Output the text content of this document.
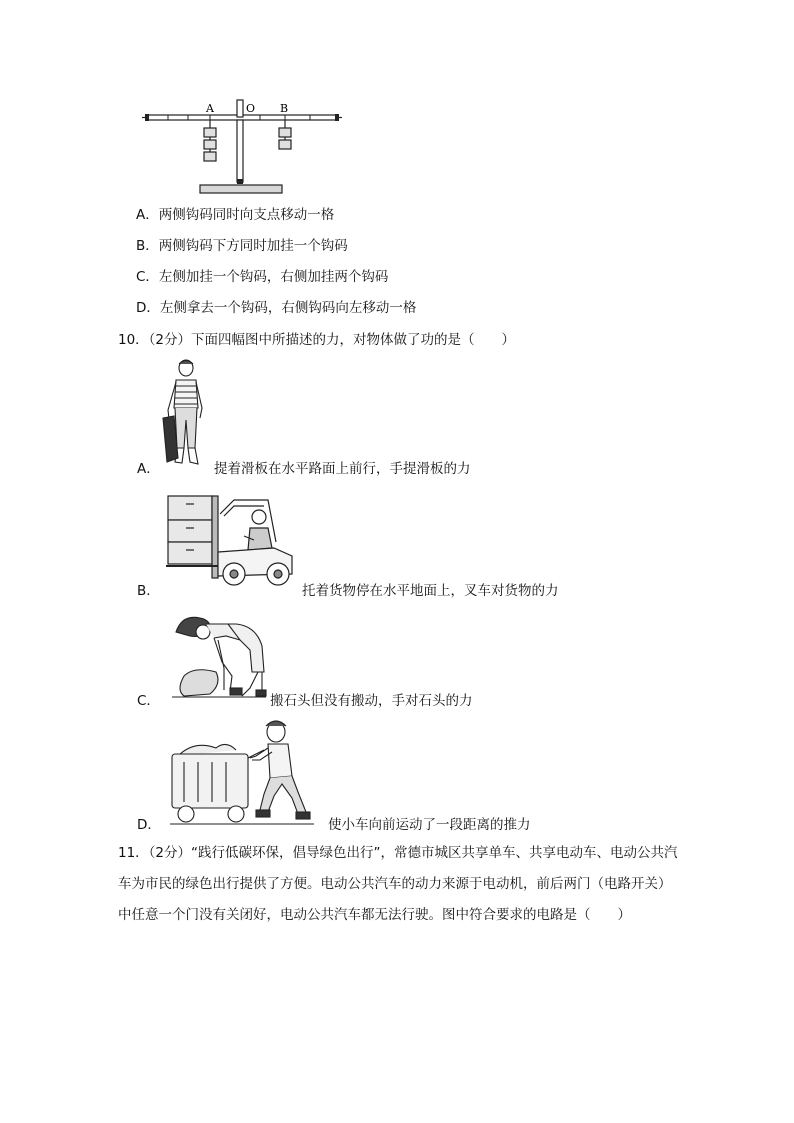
A	O B
A．两侧钩码同时向支点移动一格
B．两侧钩码下方同时加挂一个钩码
C．左侧加挂一个钩码，右侧加挂两个钩码
D．左侧拿去一个钩码，右侧钩码向左移动一格
10．（2分）下面四幅图中所描述的力，对物体做了功的是（　　）
A．	提着滑板在水平路面上前行，手提滑板的力
B．	托着货物停在水平地面上，叉车对货物的力
C．	搬石头但没有搬动，手对石头的力
D．	使小车向前运动了一段距离的推力
11．（2分）“践行低碳环保，倡导绿色出行”，常德市城区共享单车、共享电动车、电动公共汽车为市民的绿色出行提供了方便。电动公共汽车的动力来源于电动机，前后两门（电路开关）中任意一个门没有关闭好，电动公共汽车都无法行驶。图中符合要求的电路是（　　）
